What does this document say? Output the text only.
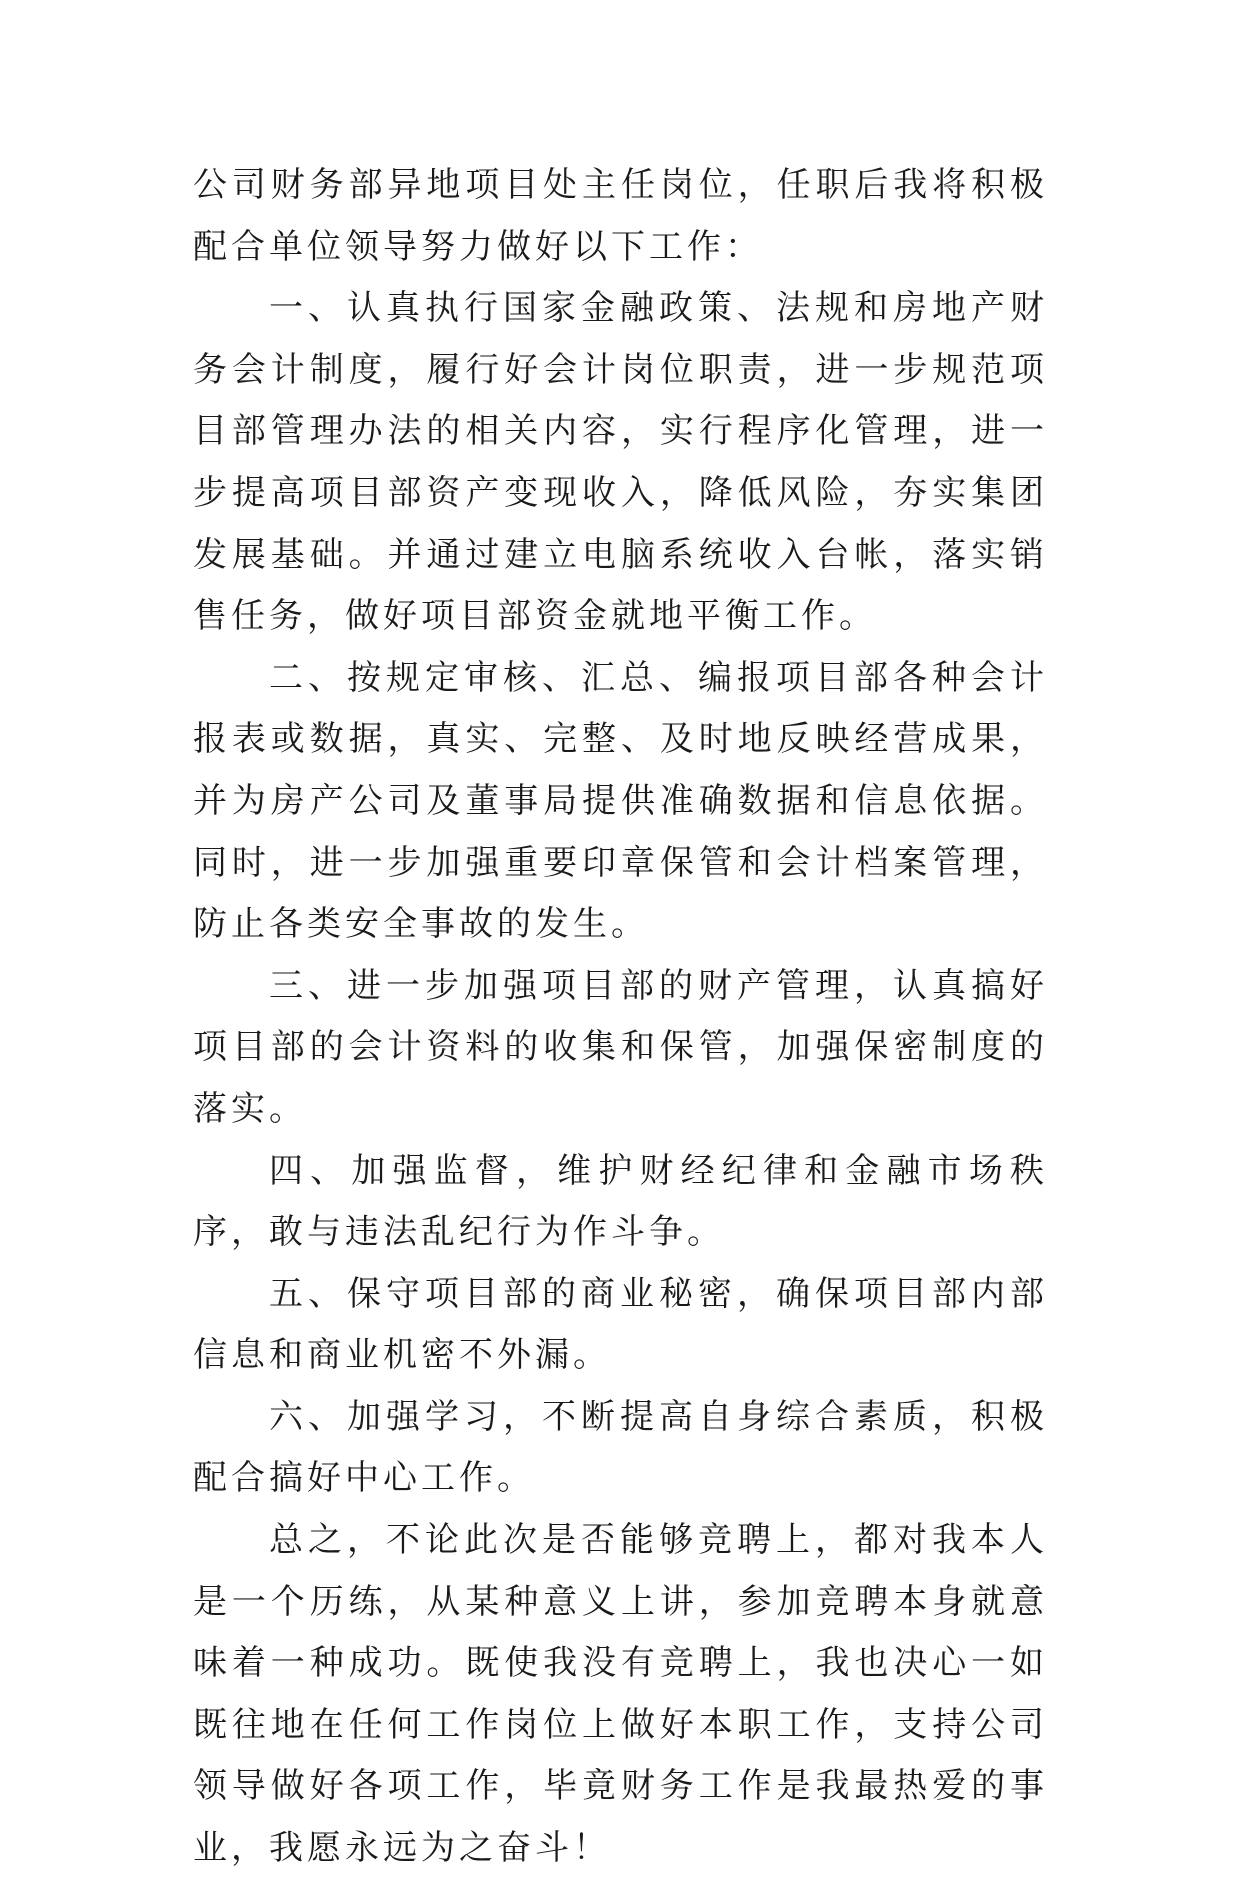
公司财务部异地项目处主任岗位，任职后我将积极配合单位领导努力做好以下工作：

一、认真执行国家金融政策、法规和房地产财务会计制度，履行好会计岗位职责，进一步规范项目部管理办法的相关内容，实行程序化管理，进一步提高项目部资产变现收入，降低风险，夯实集团发展基础。并通过建立电脑系统收入台帐，落实销售任务，做好项目部资金就地平衡工作。

二、按规定审核、汇总、编报项目部各种会计报表或数据，真实、完整、及时地反映经营成果，并为房产公司及董事局提供准确数据和信息依据。同时，进一步加强重要印章保管和会计档案管理，防止各类安全事故的发生。

三、进一步加强项目部的财产管理，认真搞好项目部的会计资料的收集和保管，加强保密制度的落实。

四、加强监督，维护财经纪律和金融市场秩序，敢与违法乱纪行为作斗争。

五、保守项目部的商业秘密，确保项目部内部信息和商业机密不外漏。

六、加强学习，不断提高自身综合素质，积极配合搞好中心工作。

总之，不论此次是否能够竞聘上，都对我本人是一个历练，从某种意义上讲，参加竞聘本身就意味着一种成功。既使我没有竞聘上，我也决心一如既往地在任何工作岗位上做好本职工作，支持公司领导做好各项工作，毕竟财务工作是我最热爱的事业，我愿永远为之奋斗！
